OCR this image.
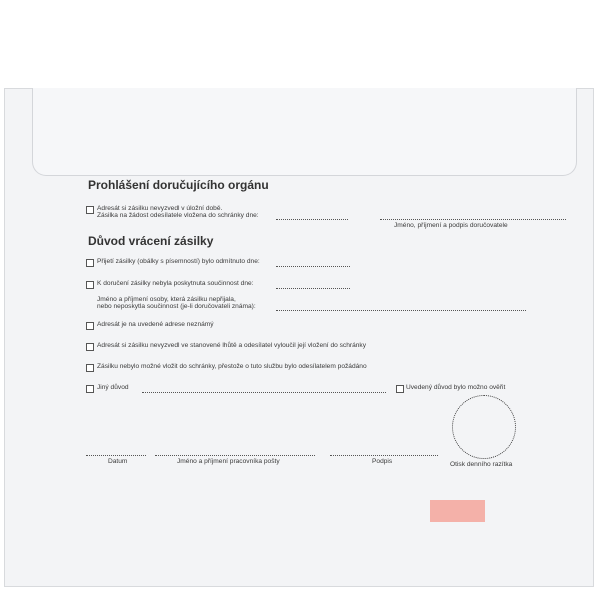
Prohlášení doručujícího orgánu
Adresát si zásilku nevyzvedl v úložní době.
Zásilka na žádost odesílatele vložena do schránky dne:
Jméno, příjmení a podpis doručovatele
Důvod vrácení zásilky
Přijetí zásilky (obálky s písemností) bylo odmítnuto dne:
K doručení zásilky nebyla poskytnuta součinnost dne:
Jméno a příjmení osoby, která zásilku nepřijala,
nebo neposkytla součinnost (je-li doručovateli známa):
Adresát je na uvedené adrese neznámý
Adresát si zásilku nevyzvedl ve stanovené lhůtě a odesílatel vyloučil její vložení do schránky
Zásilku nebylo možné vložit do schránky, přestože o tuto službu bylo odesílatelem požádáno
Jiný důvod	Uvedený důvod bylo možno ověřit
Datum	Jméno a příjmení pracovníka pošty	Podpis	Otisk denního razítka
